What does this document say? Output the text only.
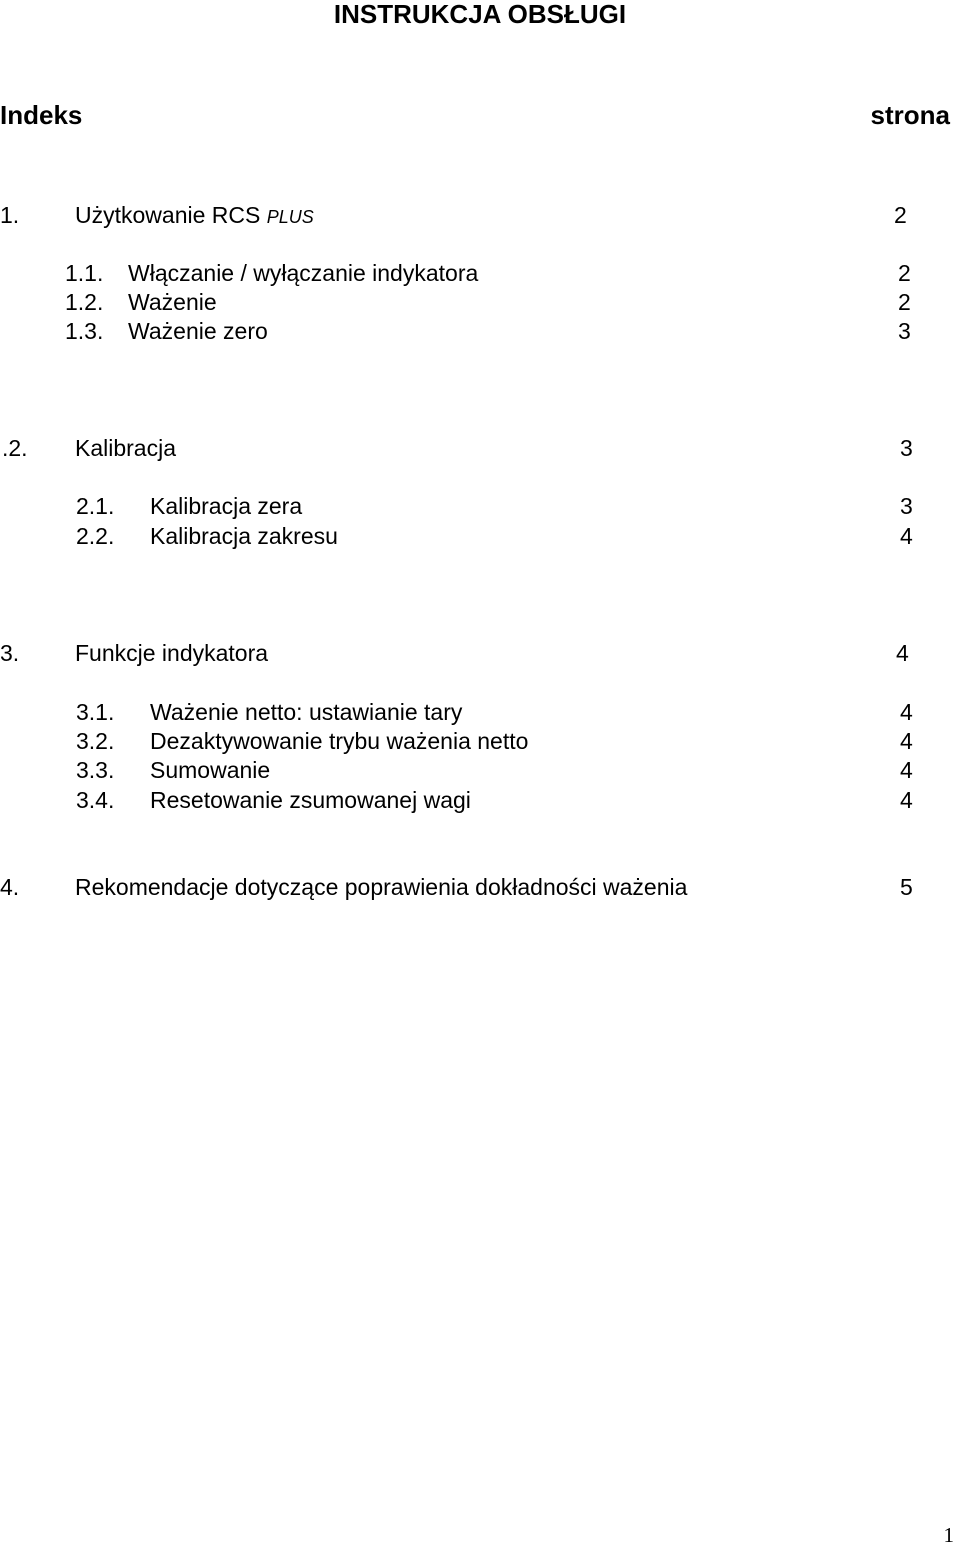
INSTRUKCJA OBSŁUGI
Indeks	strona
1. Użytkowanie RCS PLUS	2
1.1. Włączanie / wyłączanie indykatora	2
1.2. Ważenie	2
1.3. Ważenie zero	3
.2. Kalibracja	3
2.1. Kalibracja zera	3
2.2. Kalibracja zakresu	4
3. Funkcje indykatora	4
3.1. Ważenie netto: ustawianie tary	4
3.2. Dezaktywowanie trybu ważenia netto	4
3.3. Sumowanie	4
3.4. Resetowanie zsumowanej wagi	4
4. Rekomendacje dotyczące poprawienia dokładności ważenia	5
1
